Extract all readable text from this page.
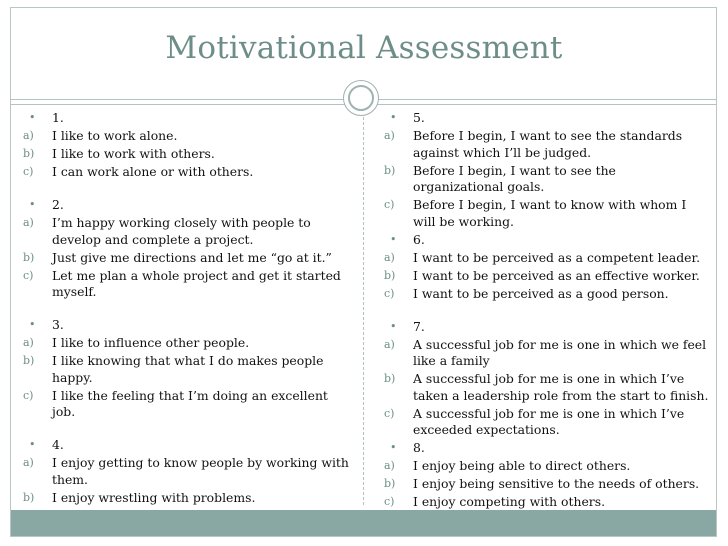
Motivational Assessment
• 1.
a) I like to work alone.
b) I like to work with others.
c) I can work alone or with others.
• 2.
a) I’m happy working closely with people to develop and complete a project.
b) Just give me directions and let me “go at it.”
c) Let me plan a whole project and get it started myself.
• 3.
a) I like to influence other people.
b) I like knowing that what I do makes people happy.
c) I like the feeling that I’m doing an excellent job.
• 4.
a) I enjoy getting to know people by working with them.
b) I enjoy wrestling with problems.
• 5.
a) Before I begin, I want to see the standards against which I’ll be judged.
b) Before I begin, I want to see the organizational goals.
c) Before I begin, I want to know with whom I will be working.
• 6.
a) I want to be perceived as a competent leader.
b) I want to be perceived as an effective worker.
c) I want to be perceived as a good person.
• 7.
a) A successful job for me is one in which we feel like a family
b) A successful job for me is one in which I’ve taken a leadership role from the start to finish.
c) A successful job for me is one in which I’ve exceeded expectations.
• 8.
a) I enjoy being able to direct others.
b) I enjoy being sensitive to the needs of others.
c) I enjoy competing with others.
